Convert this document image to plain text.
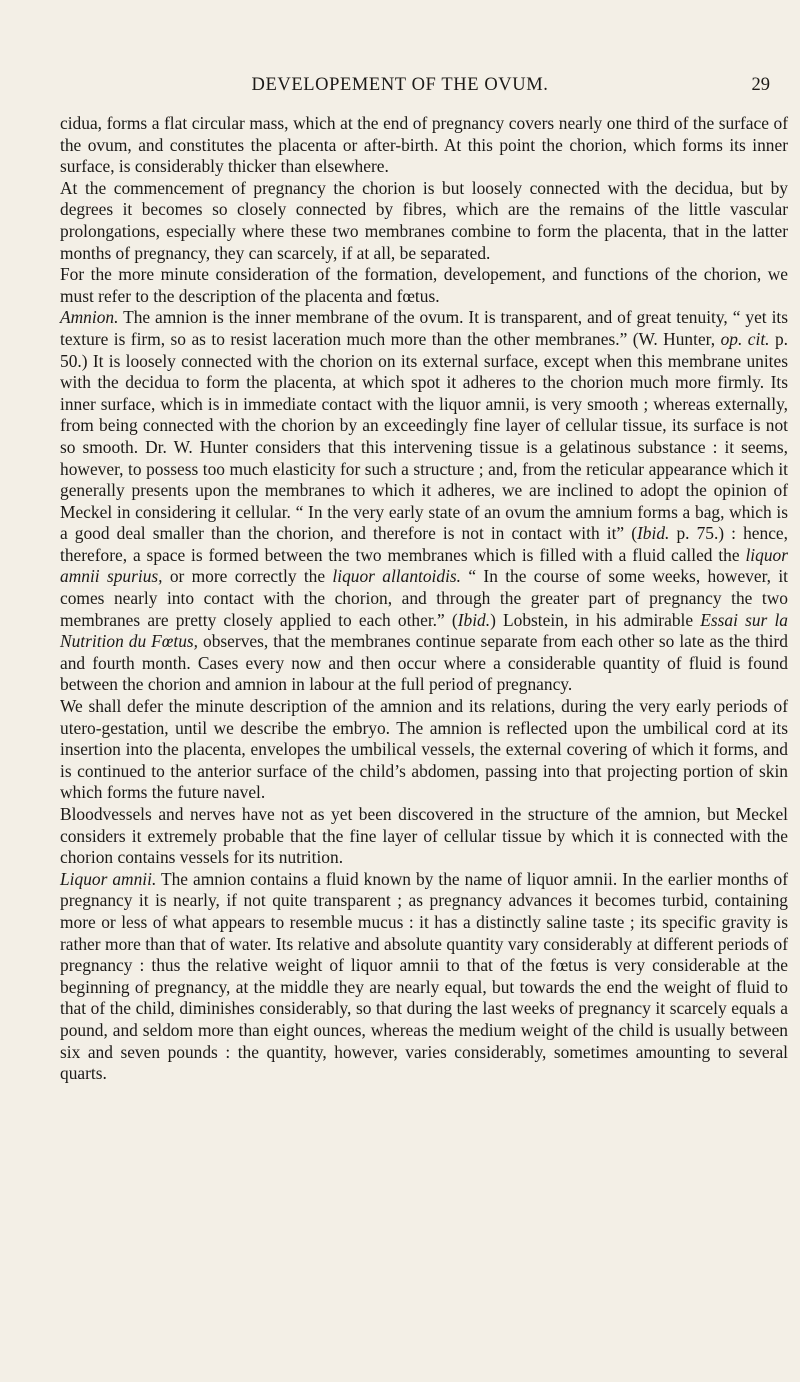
DEVELOPEMENT OF THE OVUM.	29

cidua, forms a flat circular mass, which at the end of pregnancy covers nearly one third of the surface of the ovum, and constitutes the placenta or after-birth. At this point the chorion, which forms its inner surface, is considerably thicker than elsewhere.

At the commencement of pregnancy the chorion is but loosely connected with the decidua, but by degrees it becomes so closely connected by fibres, which are the remains of the little vascular prolongations, especially where these two membranes combine to form the placenta, that in the latter months of pregnancy, they can scarcely, if at all, be separated.

For the more minute consideration of the formation, developement, and functions of the chorion, we must refer to the description of the placenta and fœtus.

Amnion. The amnion is the inner membrane of the ovum. It is transparent, and of great tenuity, “ yet its texture is firm, so as to resist laceration much more than the other membranes.” (W. Hunter, op. cit. p. 50.) It is loosely connected with the chorion on its external surface, except when this membrane unites with the decidua to form the placenta, at which spot it adheres to the chorion much more firmly. Its inner surface, which is in immediate contact with the liquor amnii, is very smooth ; whereas externally, from being connected with the chorion by an exceedingly fine layer of cellular tissue, its surface is not so smooth. Dr. W. Hunter considers that this intervening tissue is a gelatinous substance : it seems, however, to possess too much elasticity for such a structure ; and, from the reticular appearance which it generally presents upon the membranes to which it adheres, we are inclined to adopt the opinion of Meckel in considering it cellular. “ In the very early state of an ovum the amnium forms a bag, which is a good deal smaller than the chorion, and therefore is not in contact with it” (Ibid. p. 75.) : hence, therefore, a space is formed between the two membranes which is filled with a fluid called the liquor amnii spurius, or more correctly the liquor allantoidis. “ In the course of some weeks, however, it comes nearly into contact with the chorion, and through the greater part of pregnancy the two membranes are pretty closely applied to each other.” (Ibid.) Lobstein, in his admirable Essai sur la Nutrition du Fœtus, observes, that the membranes continue separate from each other so late as the third and fourth month. Cases every now and then occur where a considerable quantity of fluid is found between the chorion and amnion in labour at the full period of pregnancy.

We shall defer the minute description of the amnion and its relations, during the very early periods of utero-gestation, until we describe the embryo. The amnion is reflected upon the umbilical cord at its insertion into the placenta, envelopes the umbilical vessels, the external covering of which it forms, and is continued to the anterior surface of the child’s abdomen, passing into that projecting portion of skin which forms the future navel.

Bloodvessels and nerves have not as yet been discovered in the structure of the amnion, but Meckel considers it extremely probable that the fine layer of cellular tissue by which it is connected with the chorion contains vessels for its nutrition.

Liquor amnii. The amnion contains a fluid known by the name of liquor amnii. In the earlier months of pregnancy it is nearly, if not quite transparent ; as pregnancy advances it becomes turbid, containing more or less of what appears to resemble mucus : it has a distinctly saline taste ; its specific gravity is rather more than that of water. Its relative and absolute quantity vary considerably at different periods of pregnancy : thus the relative weight of liquor amnii to that of the fœtus is very considerable at the beginning of pregnancy, at the middle they are nearly equal, but towards the end the weight of fluid to that of the child, diminishes considerably, so that during the last weeks of pregnancy it scarcely equals a pound, and seldom more than eight ounces, whereas the medium weight of the child is usually between six and seven pounds : the quantity, however, varies considerably, sometimes amounting to several quarts.
